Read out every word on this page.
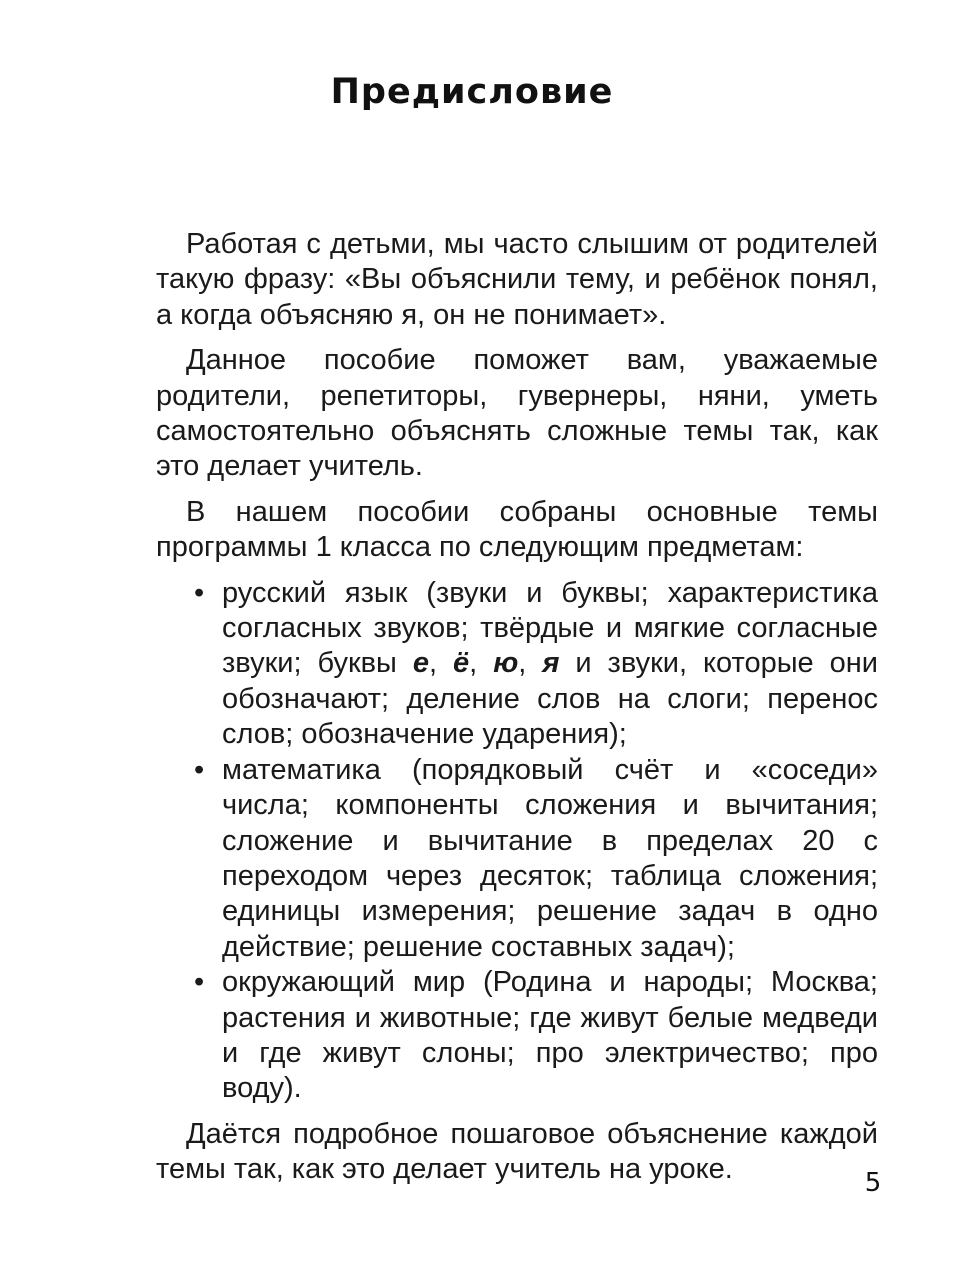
Предисловие

Работая с детьми, мы часто слышим от родителей такую фразу: «Вы объяснили тему, и ребёнок понял, а когда объясняю я, он не понимает».

Данное пособие поможет вам, уважаемые родители, репетиторы, гувернеры, няни, уметь самостоятельно объяснять сложные темы так, как это делает учитель.

В нашем пособии собраны основные темы программы 1 класса по следующим предметам:

• русский язык (звуки и буквы; характеристика согласных звуков; твёрдые и мягкие согласные звуки; буквы е, ё, ю, я и звуки, которые они обозначают; деление слов на слоги; перенос слов; обозначение ударения);
• математика (порядковый счёт и «соседи» числа; компоненты сложения и вычитания; сложение и вычитание в пределах 20 с переходом через десяток; таблица сложения; единицы измерения; решение задач в одно действие; решение составных задач);
• окружающий мир (Родина и народы; Москва; растения и животные; где живут белые медведи и где живут слоны; про электричество; про воду).

Даётся подробное пошаговое объяснение каждой темы так, как это делает учитель на уроке.	5
